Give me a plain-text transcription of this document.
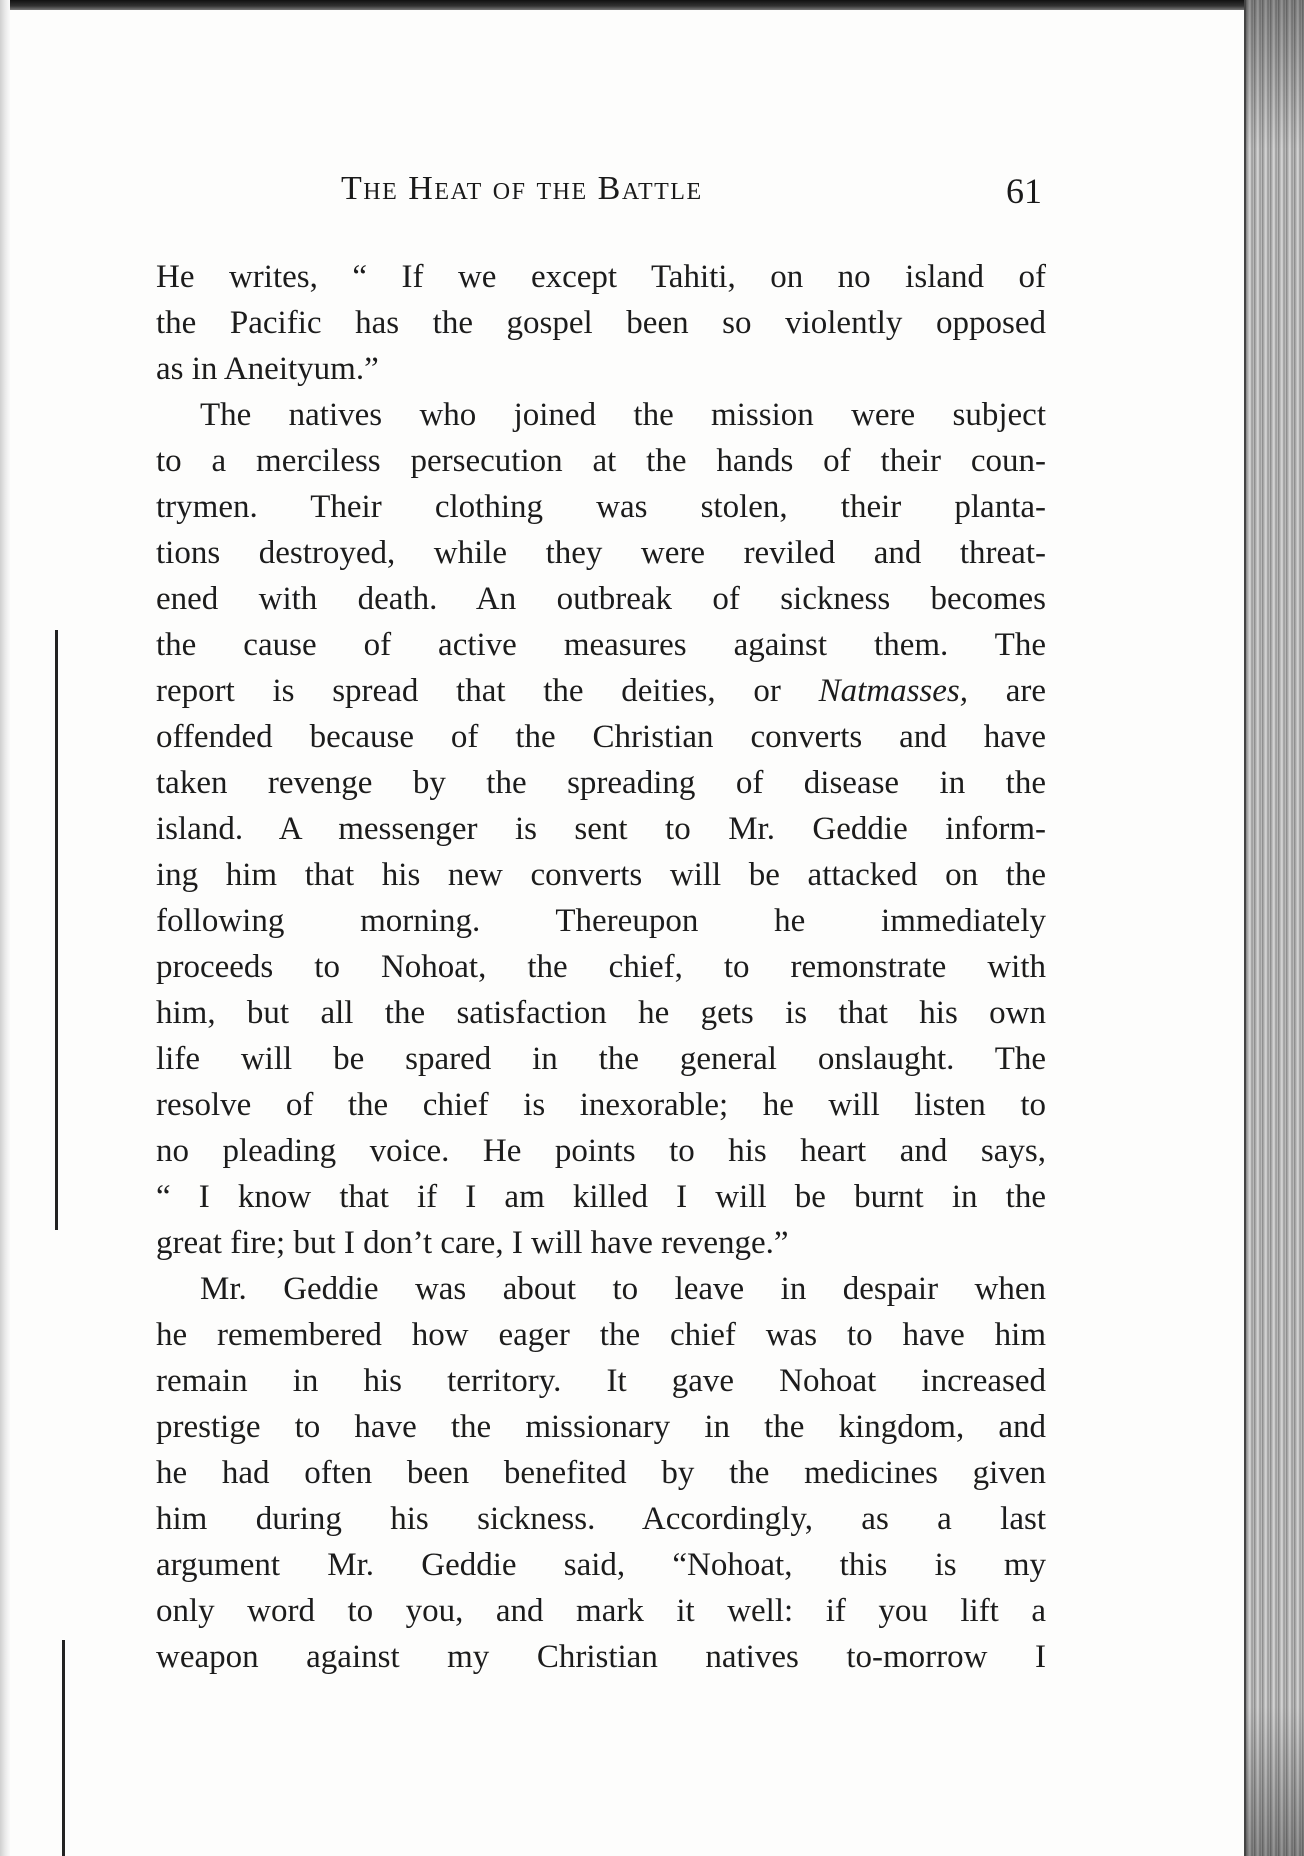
The Heat of the Battle	61
He writes, “ If we except Tahiti, on no island of
the Pacific has the gospel been so violently opposed
as in Aneityum.”
The natives who joined the mission were subject
to a merciless persecution at the hands of their coun-
trymen. Their clothing was stolen, their planta-
tions destroyed, while they were reviled and threat-
ened with death. An outbreak of sickness becomes
the cause of active measures against them. The
report is spread that the deities, or Natmasses, are
offended because of the Christian converts and have
taken revenge by the spreading of disease in the
island. A messenger is sent to Mr. Geddie inform-
ing him that his new converts will be attacked on the
following morning. Thereupon he immediately
proceeds to Nohoat, the chief, to remonstrate with
him, but all the satisfaction he gets is that his own
life will be spared in the general onslaught. The
resolve of the chief is inexorable; he will listen to
no pleading voice. He points to his heart and says,
“ I know that if I am killed I will be burnt in the
great fire; but I don’t care, I will have revenge.”
Mr. Geddie was about to leave in despair when
he remembered how eager the chief was to have him
remain in his territory. It gave Nohoat increased
prestige to have the missionary in the kingdom, and
he had often been benefited by the medicines given
him during his sickness. Accordingly, as a last
argument Mr. Geddie said, “Nohoat, this is my
only word to you, and mark it well: if you lift a
weapon against my Christian natives to-morrow I
